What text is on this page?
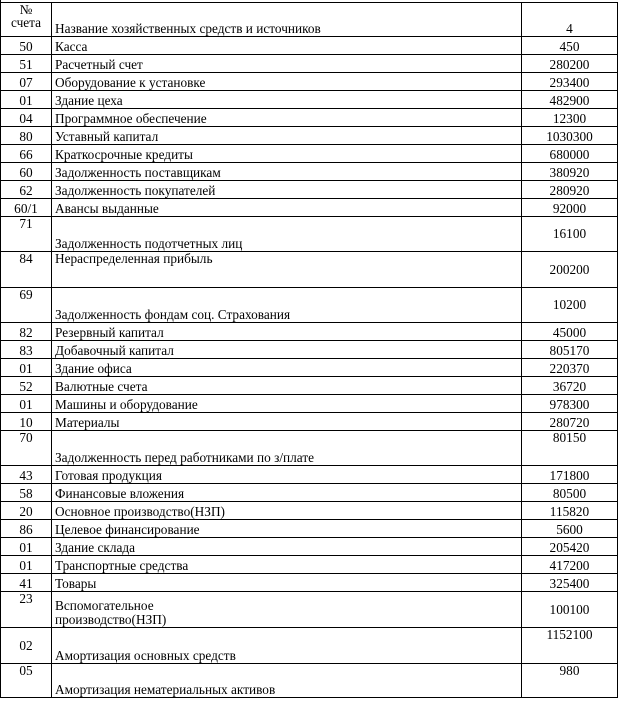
№
счета	Название хозяйственных средств и источников	4
50	Касса	450
51	Расчетный счет	280200
07	Оборудование к установке	293400
01	Здание цеха	482900
04	Программное обеспечение	12300
80	Уставный капитал	1030300
66	Краткосрочные кредиты	680000
60	Задолженность поставщикам	380920
62	Задолженность покупателей	280920
60/1	Авансы выданные	92000
71	Задолженность подотчетных лиц	16100
84	Нераспределенная прибыль	200200
69	Задолженность фондам соц. Страхования	10200
82	Резервный капитал	45000
83	Добавочный капитал	805170
01	Здание офиса	220370
52	Валютные счета	36720
01	Машины и оборудование	978300
10	Материалы	280720
70	Задолженность перед работниками по з/плате	80150
43	Готовая продукция	171800
58	Финансовые вложения	80500
20	Основное производство(НЗП)	115820
86	Целевое финансирование	5600
01	Здание склада	205420
01	Транспортные средства	417200
41	Товары	325400
23	Вспомогательное
производство(НЗП)	100100
02	Амортизация основных средств	1152100
05	Амортизация нематериальных активов	980
